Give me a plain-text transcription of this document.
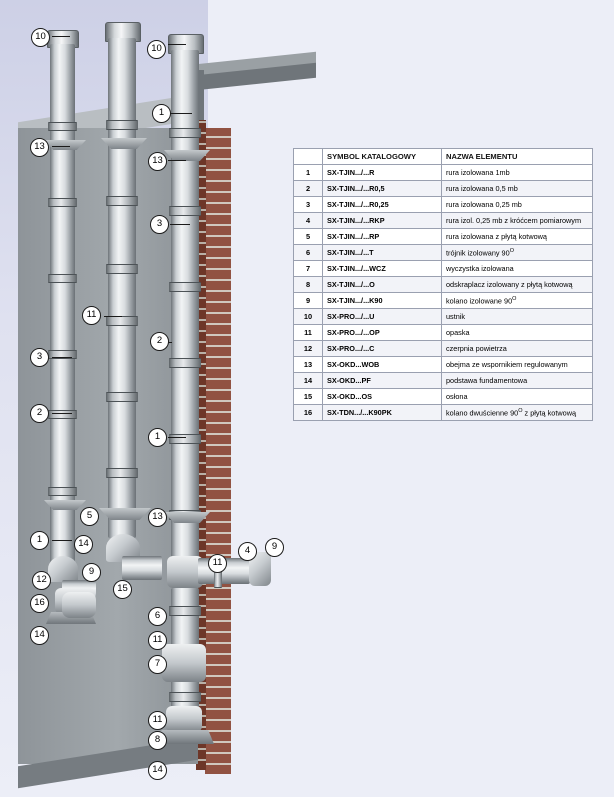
10
10
1
13
13
3
11
2
3
2
1
1
5	13
14
9
11
4	9
12
15
16
6
11
14
7
11
8
14
	SYMBOL KATALOGOWY	NAZWA ELEMENTU
1	SX-TJIN.../...R	rura izolowana 1mb
2	SX-TJIN.../...R0,5	rura izolowana 0,5 mb
3	SX-TJIN.../...R0,25	rura izolowana 0,25 mb
4	SX-TJIN.../...RKP	rura izol. 0,25 mb z króćcem pomiarowym
5	SX-TJIN.../...RP	rura izolowana z płytą kotwową
6	SX-TJIN.../...T	trójnik izolowany $90^O$
7	SX-TJIN.../...WCZ	wyczystka izolowana
8	SX-TJIN.../...O	odskraplacz izolowany z płytą kotwową
9	SX-TJIN.../...K90	kolano izolowane $90^O$
10	SX-PRO.../...U	ustnik
11	SX-PRO.../...OP	opaska
12	SX-PRO.../...C	czerpnia powietrza
13	SX-OKD...WOB	obejma ze wspornikiem regulowanym
14	SX-OKD...PF	podstawa fundamentowa
15	SX-OKD...OS	osłona
16	SX-TDN.../...K90PK	kolano dwuścienne $90^O$ z płytą kotwową
